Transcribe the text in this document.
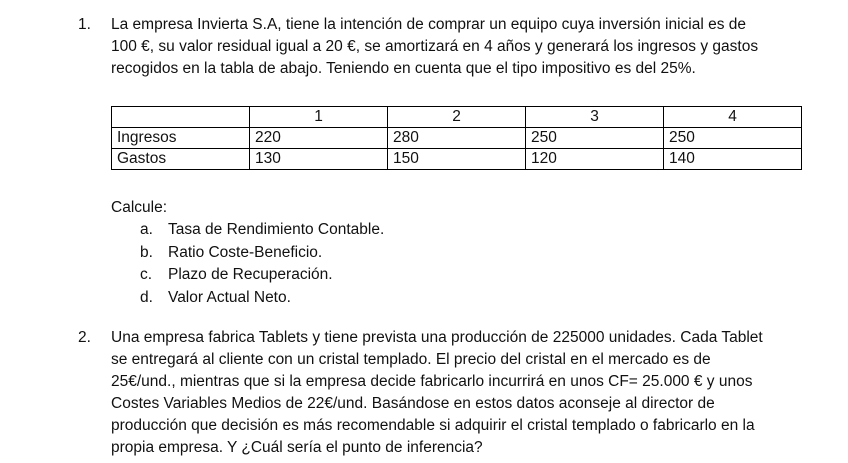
1.	La empresa Invierta S.A, tiene la intención de comprar un equipo cuya inversión inicial es de
100 €, su valor residual igual a 20 €, se amortizará en 4 años y generará los ingresos y gastos
recogidos en la tabla de abajo. Teniendo en cuenta que el tipo impositivo es del 25%.
	1	2	3	4
Ingresos	220	280	250	250
Gastos	130	150	120	140
Calcule:
a. Tasa de Rendimiento Contable.
b. Ratio Coste-Beneficio.
c. Plazo de Recuperación.
d. Valor Actual Neto.
2.	Una empresa fabrica Tablets y tiene prevista una producción de 225000 unidades. Cada Tablet
se entregará al cliente con un cristal templado. El precio del cristal en el mercado es de
25€/und., mientras que si la empresa decide fabricarlo incurrirá en unos CF= 25.000 € y unos
Costes Variables Medios de 22€/und. Basándose en estos datos aconseje al director de
producción que decisión es más recomendable si adquirir el cristal templado o fabricarlo en la
propia empresa. Y ¿Cuál sería el punto de inferencia?
